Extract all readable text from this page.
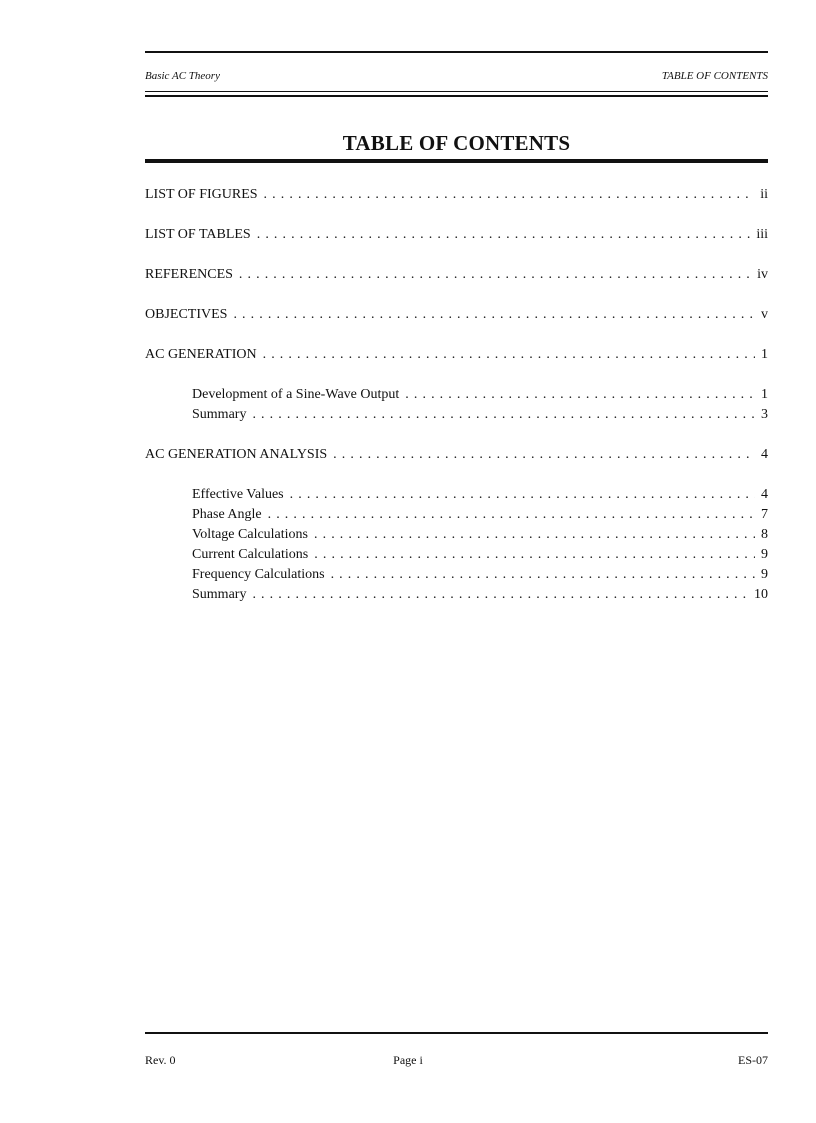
Basic AC Theory	TABLE OF CONTENTS
TABLE OF CONTENTS
LIST OF FIGURES . . .	ii
LIST OF TABLES . . .	iii
REFERENCES . . .	iv
OBJECTIVES . . .	v
AC GENERATION . . .	1
Development of a Sine-Wave Output . . .	1
Summary . . .	3
AC GENERATION ANALYSIS . . .	4
Effective Values . . .	4
Phase Angle . . .	7
Voltage Calculations . . .	8
Current Calculations . . .	9
Frequency Calculations . . .	9
Summary . . .	10
Rev. 0	Page i	ES-07
